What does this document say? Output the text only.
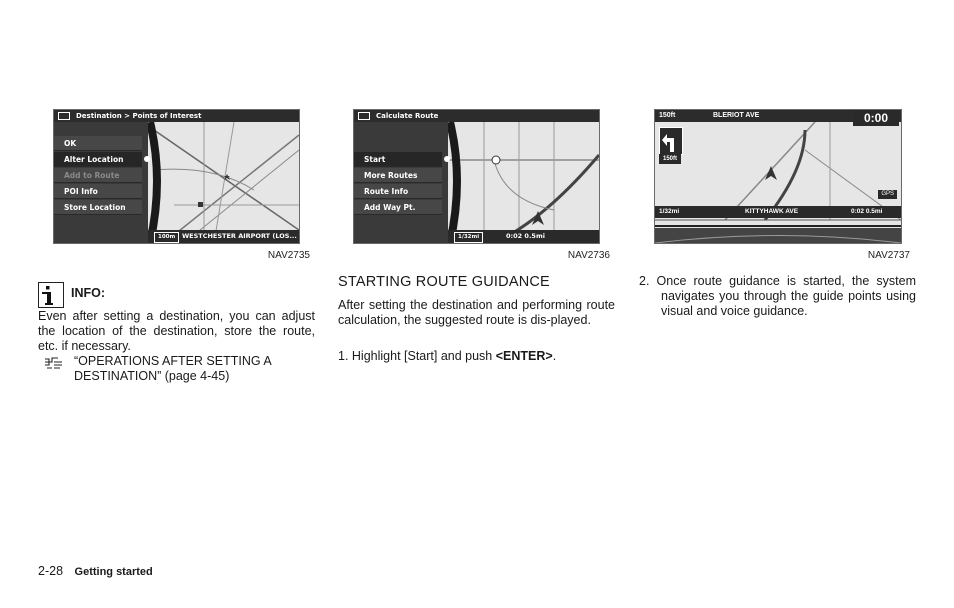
Destination > Points of Interest
OK
Alter Location
Add to Route
POI Info
Store Location
100m	WESTCHESTER AIRPORT (LOS...
NAV2735
Calculate Route
Start
More Routes
Route Info
Add Way Pt.
1/32mi	0:02 0.5mi
NAV2736
150ft	BLERIOT AVE	0:00
150ft
GPS
1/32mi	KITTYHAWK AVE	0:02 0.5mi
NAV2737
INFO:
Even after setting a destination, you can adjust the location of the destination, store the route, etc. if necessary.
“OPERATIONS AFTER SETTING A
DESTINATION” (page 4-45)
STARTING ROUTE GUIDANCE
After setting the destination and performing route calculation, the suggested route is dis-played.
1. Highlight [Start] and push <ENTER>.
2. Once route guidance is started, the system navigates you through the guide points using visual and voice guidance.
2-28 Getting started
